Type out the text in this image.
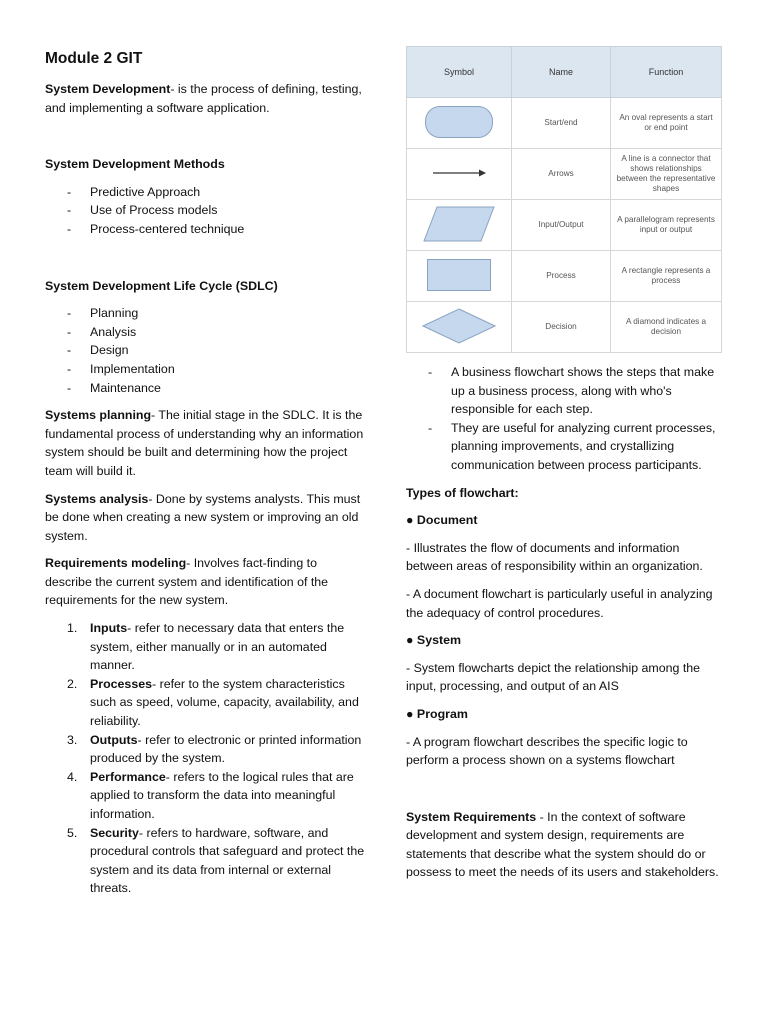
Module 2 GIT

System Development- is the process of defining, testing, and implementing a software application.

System Development Methods

- Predictive Approach
- Use of Process models
- Process-centered technique

System Development Life Cycle (SDLC)

- Planning
- Analysis
- Design
- Implementation
- Maintenance

Systems planning- The initial stage in the SDLC. It is the fundamental process of understanding why an information system should be built and determining how the project team will build it.

Systems analysis- Done by systems analysts. This must be done when creating a new system or improving an old system.

Requirements modeling- Involves fact-finding to describe the current system and identification of the requirements for the new system.

1. Inputs- refer to necessary data that enters the system, either manually or in an automated manner.
2. Processes- refer to the system characteristics such as speed, volume, capacity, availability, and reliability.
3. Outputs- refer to electronic or printed information produced by the system.
4. Performance- refers to the logical rules that are applied to transform the data into meaningful information.
5. Security- refers to hardware, software, and procedural controls that safeguard and protect the system and its data from internal or external threats.
Symbol	Name	Function
	Start/end	An oval represents a start or end point
	Arrows	A line is a connector that shows relationships between the representative shapes
	Input/Output	A parallelogram represents input or output
	Process	A rectangle represents a process
	Decision	A diamond indicates a decision
- A business flowchart shows the steps that make up a business process, along with who's responsible for each step.
- They are useful for analyzing current processes, planning improvements, and crystallizing communication between process participants.

Types of flowchart:

● Document

- Illustrates the flow of documents and information between areas of responsibility within an organization.

- A document flowchart is particularly useful in analyzing the adequacy of control procedures.

● System

- System flowcharts depict the relationship among the input, processing, and output of an AIS

● Program

- A program flowchart describes the specific logic to perform a process shown on a systems flowchart

System Requirements - In the context of software development and system design, requirements are statements that describe what the system should do or possess to meet the needs of its users and stakeholders.
